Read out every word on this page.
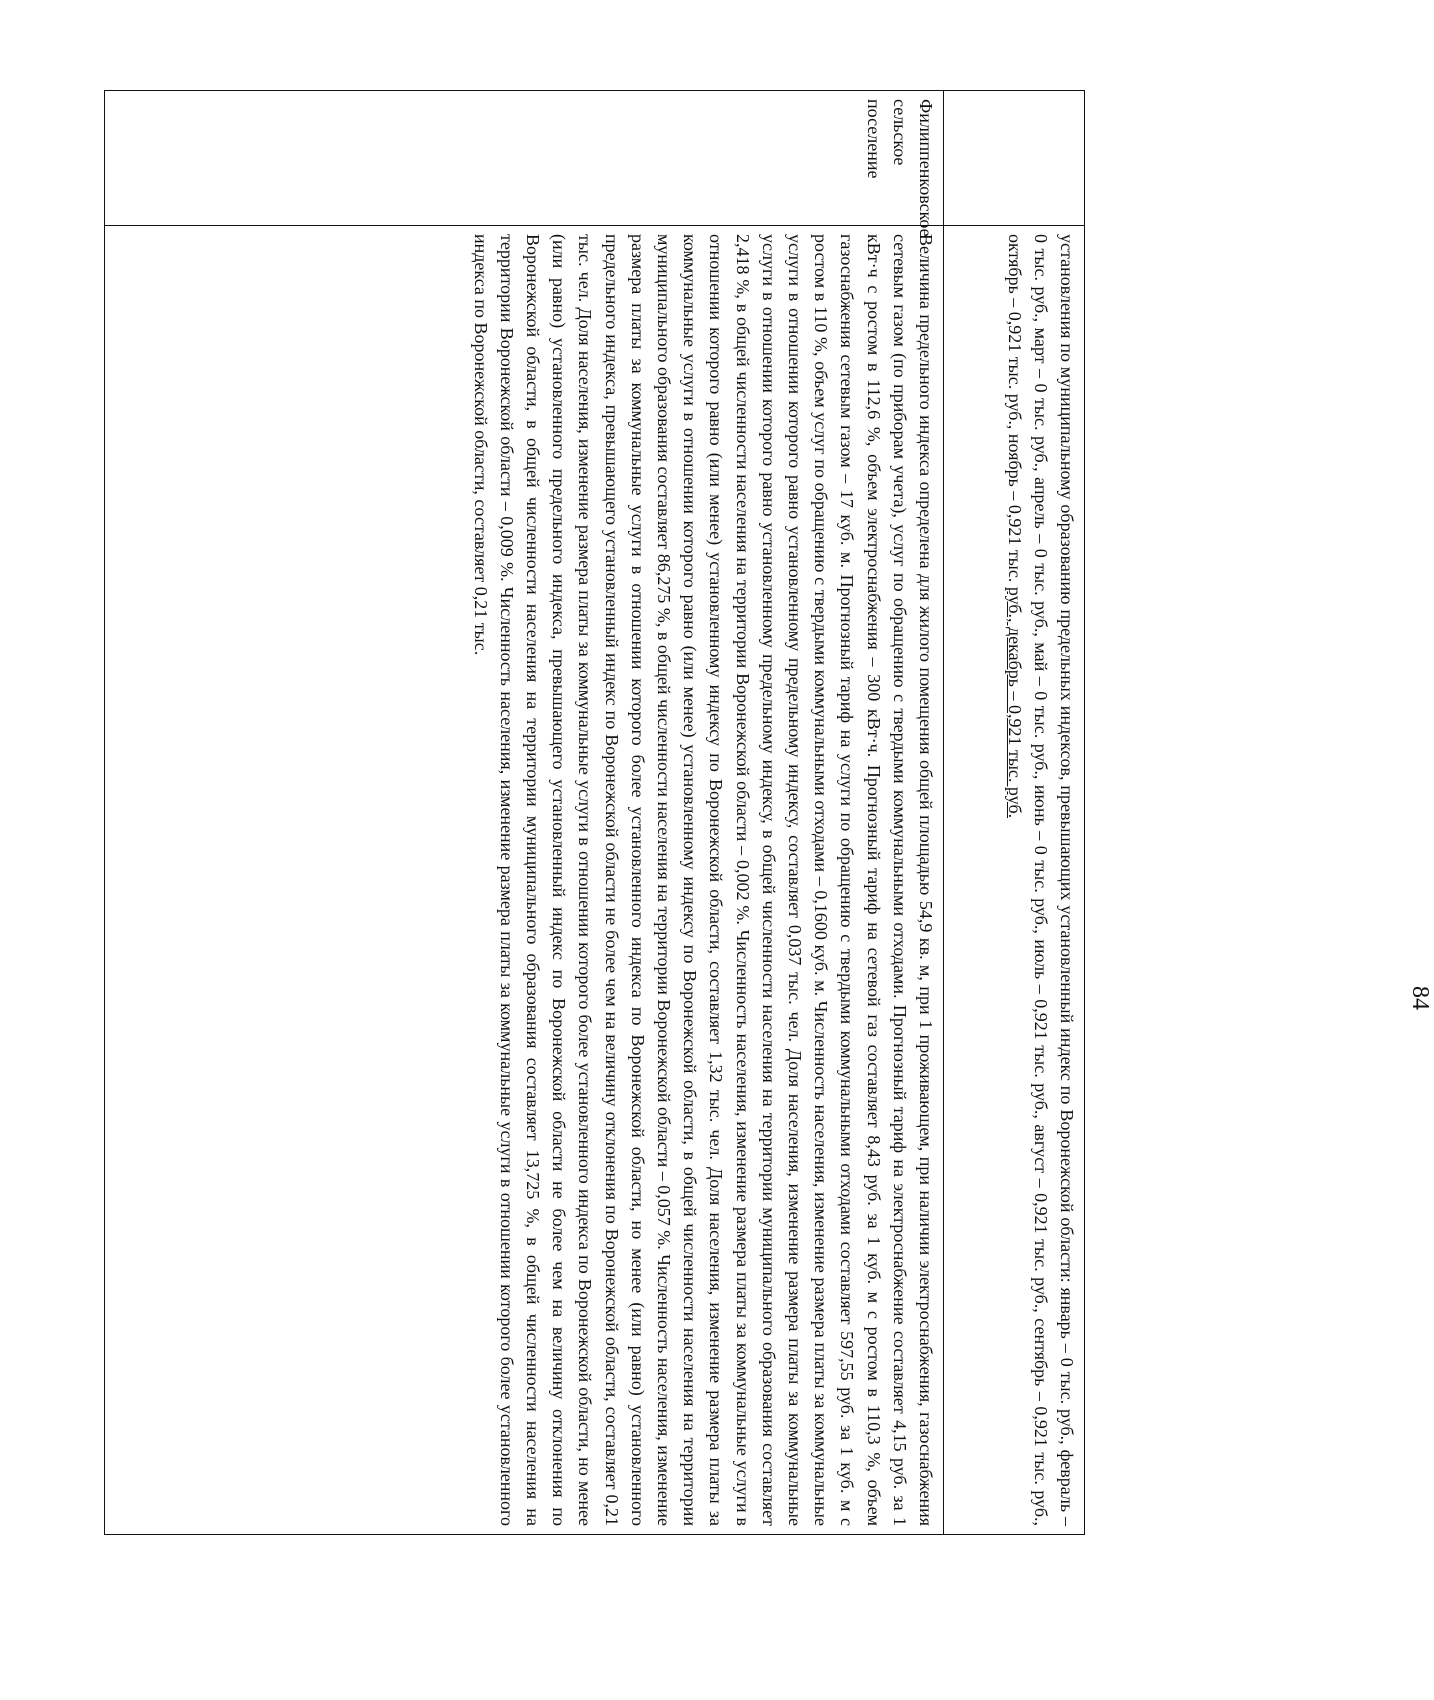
84
	установления по муниципальному образованию предельных индексов, превышающих установленный индекс по Воронежской области: январь – 0 тыс. руб., февраль – 0 тыс. руб., март – 0 тыс. руб., апрель – 0 тыс. руб., май – 0 тыс. руб., июнь – 0 тыс. руб., июль – 0,921 тыс. руб., август – 0,921 тыс. руб., сентябрь – 0,921 тыс. руб., октябрь – 0,921 тыс. руб., ноябрь – 0,921 тыс. руб., декабрь – 0,921 тыс. руб.
Филиппенковское сельское поселение	Величина предельного индекса определена для жилого помещения общей площадью 54,9 кв. м, при 1 проживающем, при наличии электроснабжения, газоснабжения сетевым газом (по приборам учета), услуг по обращению с твердыми коммунальными отходами. Прогнозный тариф на электроснабжение составляет 4,15 руб. за 1 кВт·ч с ростом в 112,6 %, объем электроснабжения – 300 кВт·ч. Прогнозный тариф на сетевой газ составляет 8,43 руб. за 1 куб. м с ростом в 110,3 %, объем газоснабжения сетевым газом – 17 куб. м. Прогнозный тариф на услуги по обращению с твердыми коммунальными отходами составляет 597,55 руб. за 1 куб. м с ростом в 110 %, объем услуг по обращению с твердыми коммунальными отходами – 0,1600 куб. м. Численность населения, изменение размера платы за коммунальные услуги в отношении которого равно установленному предельному индексу, составляет 0,037 тыс. чел. Доля населения, изменение размера платы за коммунальные услуги в отношении которого равно установленному предельному индексу, в общей численности населения на территории муниципального образования составляет 2,418 %, в общей численности населения на территории Воронежской области – 0,002 %. Численность населения, изменение размера платы за коммунальные услуги в отношении которого равно (или менее) установленному индексу по Воронежской области, составляет 1,32 тыс. чел. Доля населения, изменение размера платы за коммунальные услуги в отношении которого равно (или менее) установленному индексу по Воронежской области, в общей численности населения на территории муниципального образования составляет 86,275 %, в общей численности населения на территории Воронежской области – 0,057 %. Численность населения, изменение размера платы за коммунальные услуги в отношении которого более установленного индекса по Воронежской области, но менее (или равно) установленного предельного индекса, превышающего установленный индекс по Воронежской области не более чем на величину отклонения по Воронежской области, составляет 0,21 тыс. чел. Доля населения, изменение размера платы за коммунальные услуги в отношении которого более установленного индекса по Воронежской области, но менее (или равно) установленного предельного индекса, превышающего установленный индекс по Воронежской области не более чем на величину отклонения по Воронежской области, в общей численности населения на территории муниципального образования составляет 13,725 %, в общей численности населения на территории Воронежской области – 0,009 %. Численность населения, изменение размера платы за коммунальные услуги в отношении которого более установленного индекса по Воронежской области, составляет 0,21 тыс.
